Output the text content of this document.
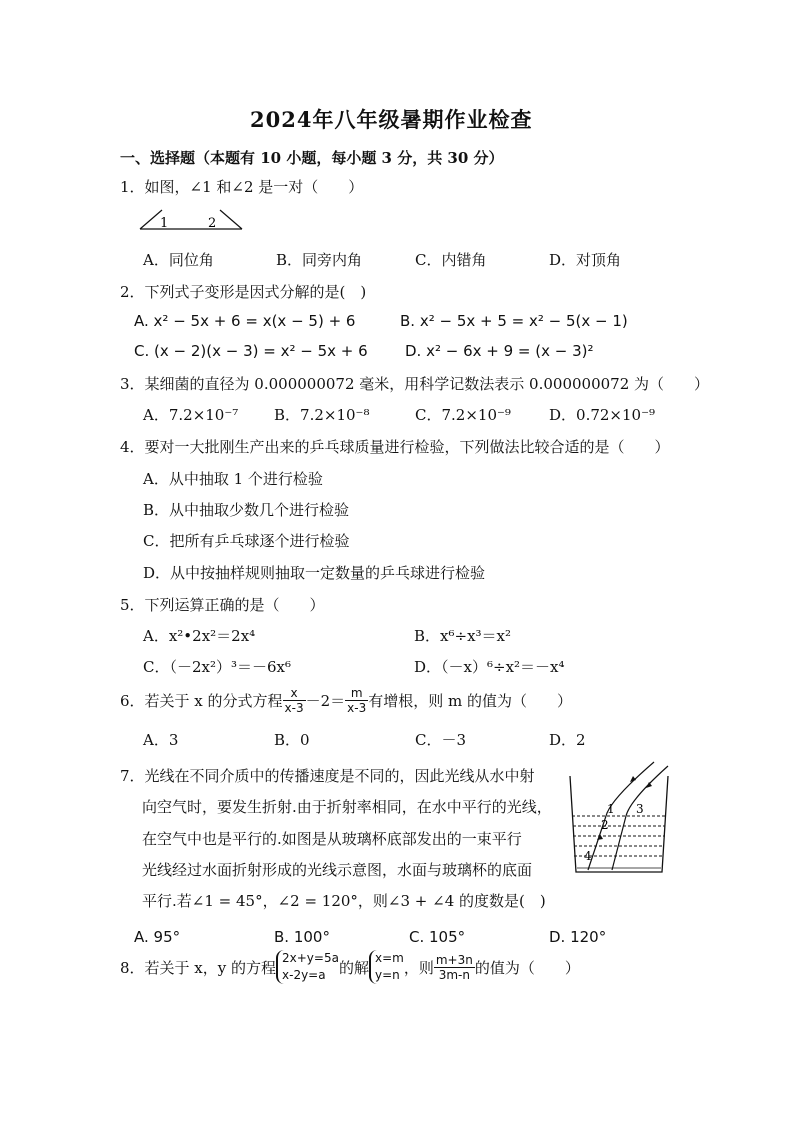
2024年八年级暑期作业检查
一、选择题（本题有 10 小题，每小题 3 分，共 30 分）
1．如图，∠1 和∠2 是一对（　　）
1	2
A．同位角	B．同旁内角	C．内错角	D．对顶角
2．下列式子变形是因式分解的是(　)
A. x² − 5x + 6 = x(x − 5) + 6	B. x² − 5x + 5 = x² − 5(x − 1)
C. (x − 2)(x − 3) = x² − 5x + 6 D. x² − 6x + 9 = (x − 3)²
3．某细菌的直径为 0.000000072 毫米，用科学记数法表示 0.000000072 为（　　）
A．7.2×10⁻⁷ B．7.2×10⁻⁸	C．7.2×10⁻⁹	D．0.72×10⁻⁹
4．要对一大批刚生产出来的乒乓球质量进行检验，下列做法比较合适的是（　　）
A．从中抽取 1 个进行检验
B．从中抽取少数几个进行检验
C．把所有乒乓球逐个进行检验
D．从中按抽样规则抽取一定数量的乒乓球进行检验
5．下列运算正确的是（　　）
A．x²•2x²＝2x⁴	B．x⁶÷x³＝x²
C．（－2x²）³＝－6x⁶	D．（－x）⁶÷x²＝－x⁴
6．若关于 x 的分式方程 $\frac{x}{x-3} -2= \frac{m}{x-3}$ 有增根，则 m 的值为（　　）
A．3	B．0	C．－3	D．2
7．光线在不同介质中的传播速度是不同的，因此光线从水中射
向空气时，要发生折射.由于折射率相同，在水中平行的光线，
在空气中也是平行的.如图是从玻璃杯底部发出的一束平行
光线经过水面折射形成的光线示意图，水面与玻璃杯的底面
平行.若∠1 = 45°，∠2 = 120°，则∠3 + ∠4 的度数是(　)
1 3
2
4
A. 95°	B. 100°	C. 105°	D. 120°
8．若关于 x，y 的方程
2x+y=5a
x-2y=a 的解
x=m
y=n ，则 $\frac{m+3n}{3m-n}$ 的值为（　　）
